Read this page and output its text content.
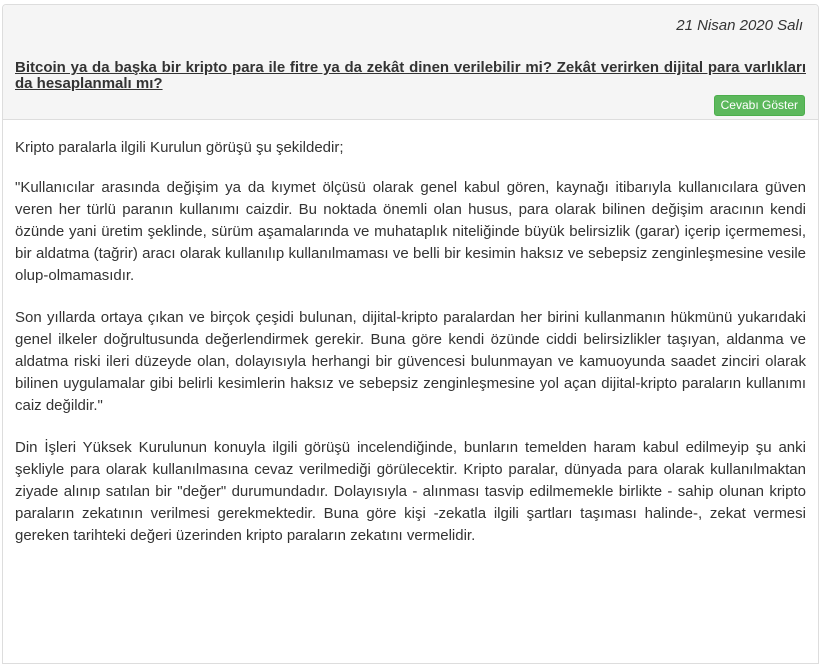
21 Nisan 2020 Salı
Bitcoin ya da başka bir kripto para ile fitre ya da zekât dinen verilebilir mi? Zekât verirken dijital para varlıkları da hesaplanmalı mı?
Cevabı Göster

Kripto paralarla ilgili Kurulun görüşü şu şekildedir;

"Kullanıcılar arasında değişim ya da kıymet ölçüsü olarak genel kabul gören, kaynağı itibarıyla kullanıcılara güven veren her türlü paranın kullanımı caizdir. Bu noktada önemli olan husus, para olarak bilinen değişim aracının kendi özünde yani üretim şeklinde, sürüm aşamalarında ve muhataplık niteliğinde büyük belirsizlik (garar) içerip içermemesi, bir aldatma (tağrir) aracı olarak kullanılıp kullanılmaması ve belli bir kesimin haksız ve sebepsiz zenginleşmesine vesile olup-olmamasıdır.

Son yıllarda ortaya çıkan ve birçok çeşidi bulunan, dijital-kripto paralardan her birini kullanmanın hükmünü yukarıdaki genel ilkeler doğrultusunda değerlendirmek gerekir. Buna göre kendi özünde ciddi belirsizlikler taşıyan, aldanma ve aldatma riski ileri düzeyde olan, dolayısıyla herhangi bir güvencesi bulunmayan ve kamuoyunda saadet zinciri olarak bilinen uygulamalar gibi belirli kesimlerin haksız ve sebepsiz zenginleşmesine yol açan dijital-kripto paraların kullanımı caiz değildir."

Din İşleri Yüksek Kurulunun konuyla ilgili görüşü incelendiğinde, bunların temelden haram kabul edilmeyip şu anki şekliyle para olarak kullanılmasına cevaz verilmediği görülecektir. Kripto paralar, dünyada para olarak kullanılmaktan ziyade alınıp satılan bir "değer" durumundadır. Dolayısıyla - alınması tasvip edilmemekle birlikte - sahip olunan kripto paraların zekatının verilmesi gerekmektedir. Buna göre kişi -zekatla ilgili şartları taşıması halinde-, zekat vermesi gereken tarihteki değeri üzerinden kripto paraların zekatını vermelidir.
